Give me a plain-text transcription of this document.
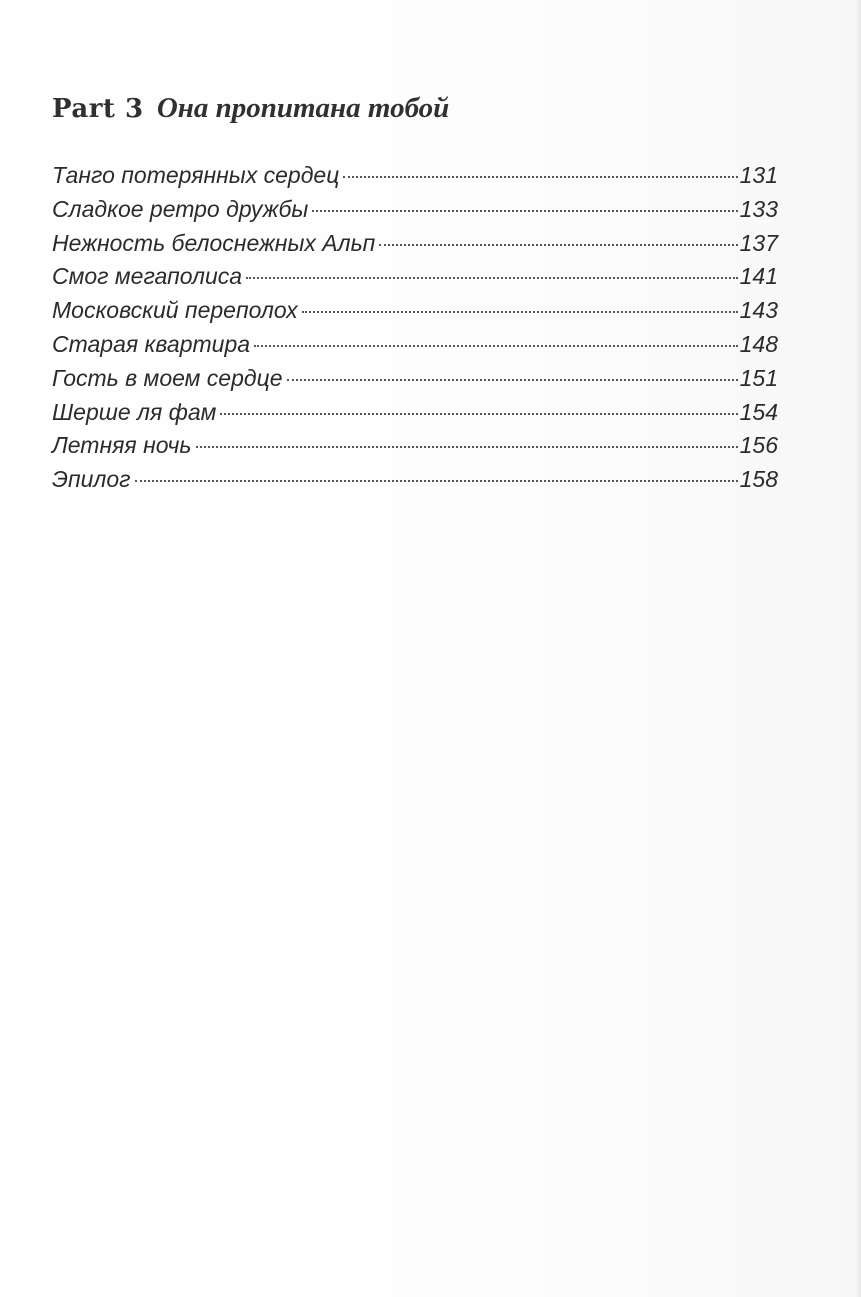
Part 3 Она пропитана тобой
Танго потерянных сердец	131
Сладкое ретро дружбы	133
Нежность белоснежных Альп	137
Смог мегаполиса	141
Московский переполох	143
Старая квартира	148
Гость в моем сердце	151
Шерше ля фам	154
Летняя ночь	156
Эпилог	158
